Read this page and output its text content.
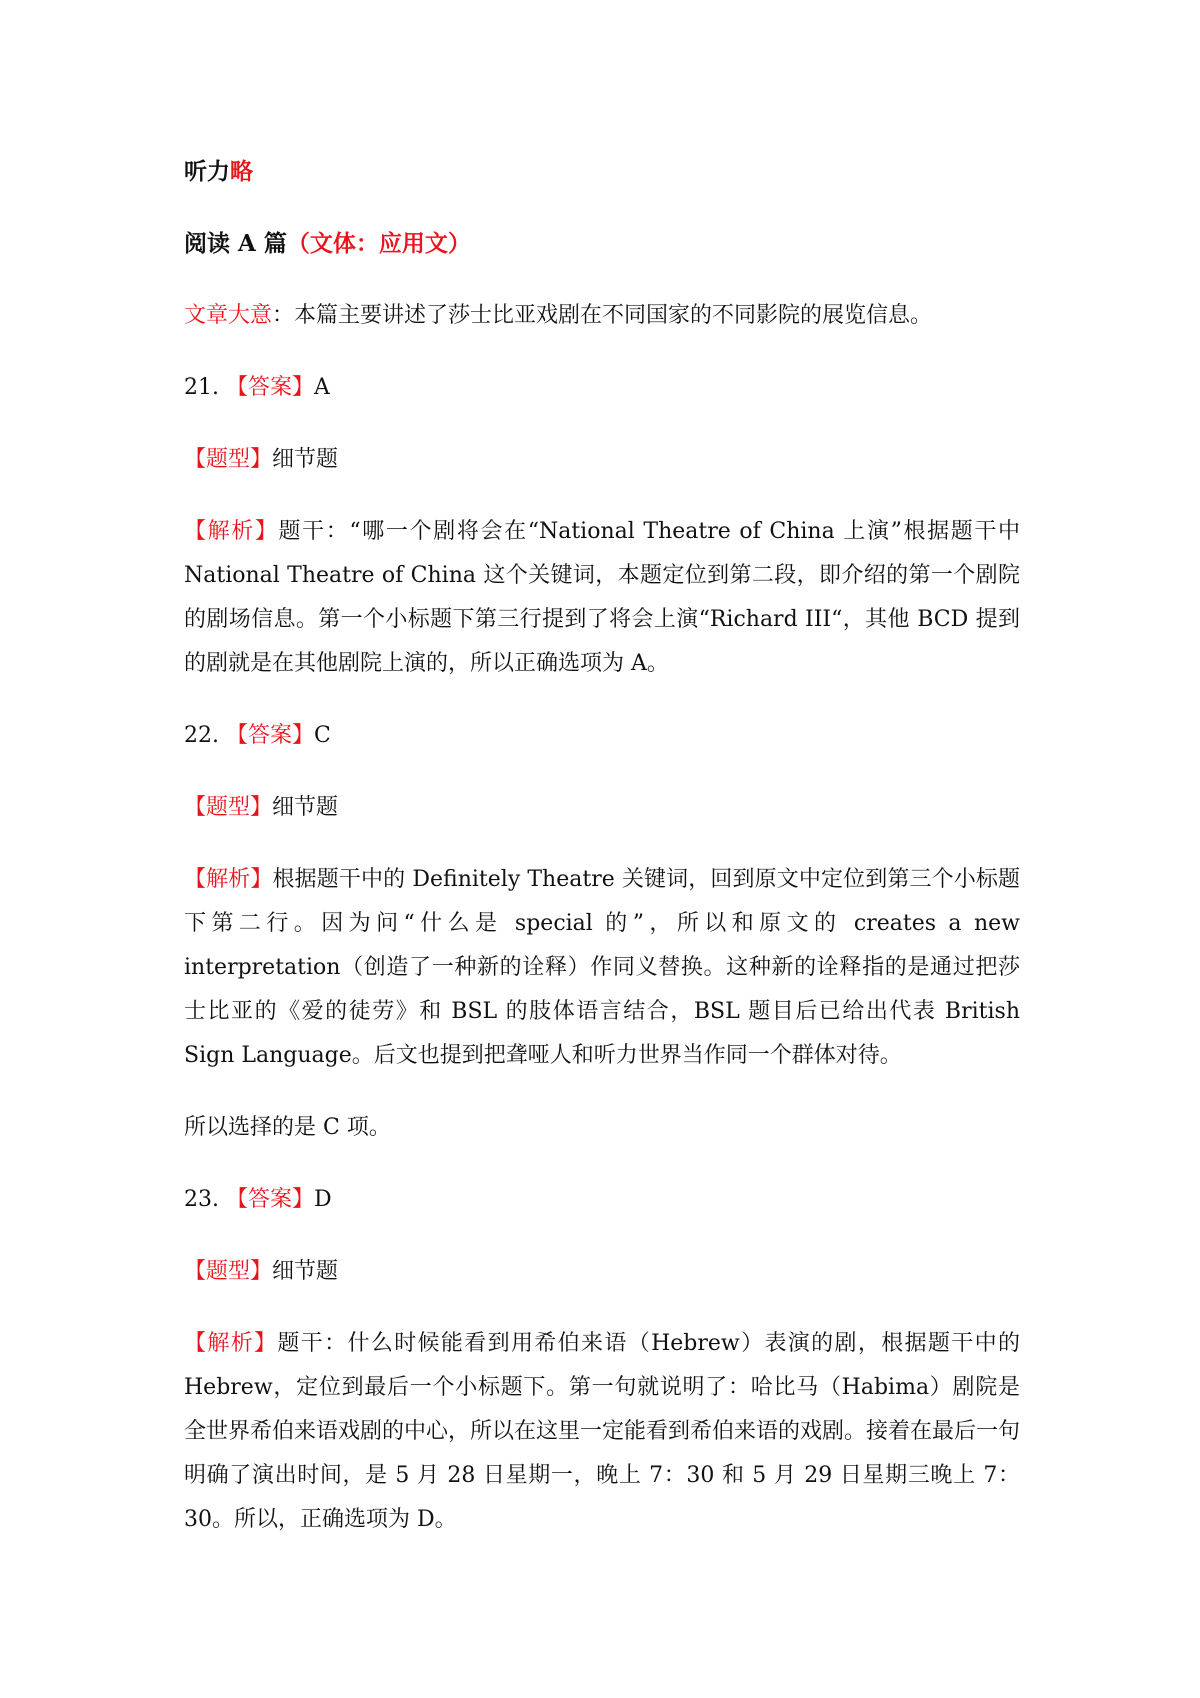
听力略

阅读 A 篇（文体：应用文）

文章大意：本篇主要讲述了莎士比亚戏剧在不同国家的不同影院的展览信息。

21. 【答案】A

【题型】细节题

【解析】题干：“哪一个剧将会在“National Theatre of China 上演”根据题干中 National Theatre of China 这个关键词，本题定位到第二段，即介绍的第一个剧院的剧场信息。第一个小标题下第三行提到了将会上演“Richard III“，其他 BCD 提到的剧就是在其他剧院上演的，所以正确选项为 A。

22. 【答案】C

【题型】细节题

【解析】根据题干中的 Definitely Theatre 关键词，回到原文中定位到第三个小标题下第二行。因为问“什么是 special 的”，所以和原文的 creates a new interpretation（创造了一种新的诠释）作同义替换。这种新的诠释指的是通过把莎士比亚的《爱的徒劳》和 BSL 的肢体语言结合，BSL 题目后已给出代表 British Sign Language。后文也提到把聋哑人和听力世界当作同一个群体对待。

所以选择的是 C 项。

23. 【答案】D

【题型】细节题

【解析】题干：什么时候能看到用希伯来语（Hebrew）表演的剧，根据题干中的 Hebrew，定位到最后一个小标题下。第一句就说明了：哈比马（Habima）剧院是全世界希伯来语戏剧的中心，所以在这里一定能看到希伯来语的戏剧。接着在最后一句明确了演出时间，是 5 月 28 日星期一，晚上 7：30 和 5 月 29 日星期三晚上 7：30。所以，正确选项为 D。
